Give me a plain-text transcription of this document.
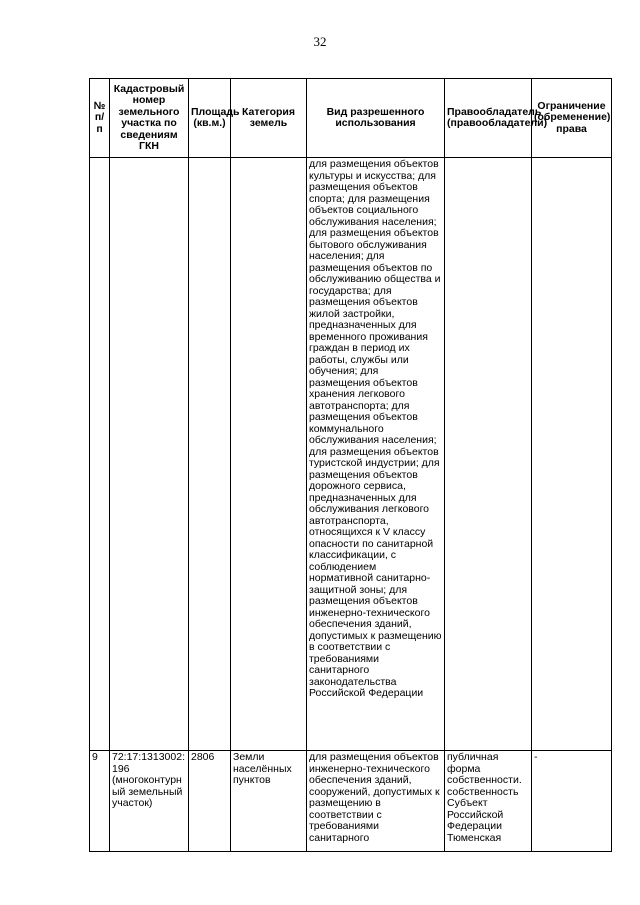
32
№ п/п	Кадастровый номер земельного участка по сведениям ГКН	Площадь (кв.м.)	Категория земель	Вид разрешенного использования	Правообладатель (правообладатели)	Ограничение (обременение) права
				для размещения объектов культуры и искусства; для размещения объектов спорта; для размещения объектов социального обслуживания населения; для размещения объектов бытового обслуживания населения; для размещения объектов по обслуживанию общества и государства; для размещения объектов жилой застройки, предназначенных для временного проживания граждан в период их работы, службы или обучения; для размещения объектов хранения легкового автотранспорта; для размещения объектов коммунального обслуживания населения; для размещения объектов туристской индустрии; для размещения объектов дорожного сервиса, предназначенных для обслуживания легкового автотранспорта, относящихся к V классу опасности по санитарной классификации, с соблюдением нормативной санитарно-защитной зоны; для размещения объектов инженерно-технического обеспечения зданий, допустимых к размещению в соответствии с требованиями санитарного законодательства Российской Федерации		
9	72:17:1313002:196 (многоконтурный земельный участок)	2806	Земли населённых пунктов	для размещения объектов инженерно-технического обеспечения зданий, сооружений, допустимых к размещению в соответствии с требованиями санитарного	публичная форма собственности. собственность Субъект Российской Федерации Тюменская	-
